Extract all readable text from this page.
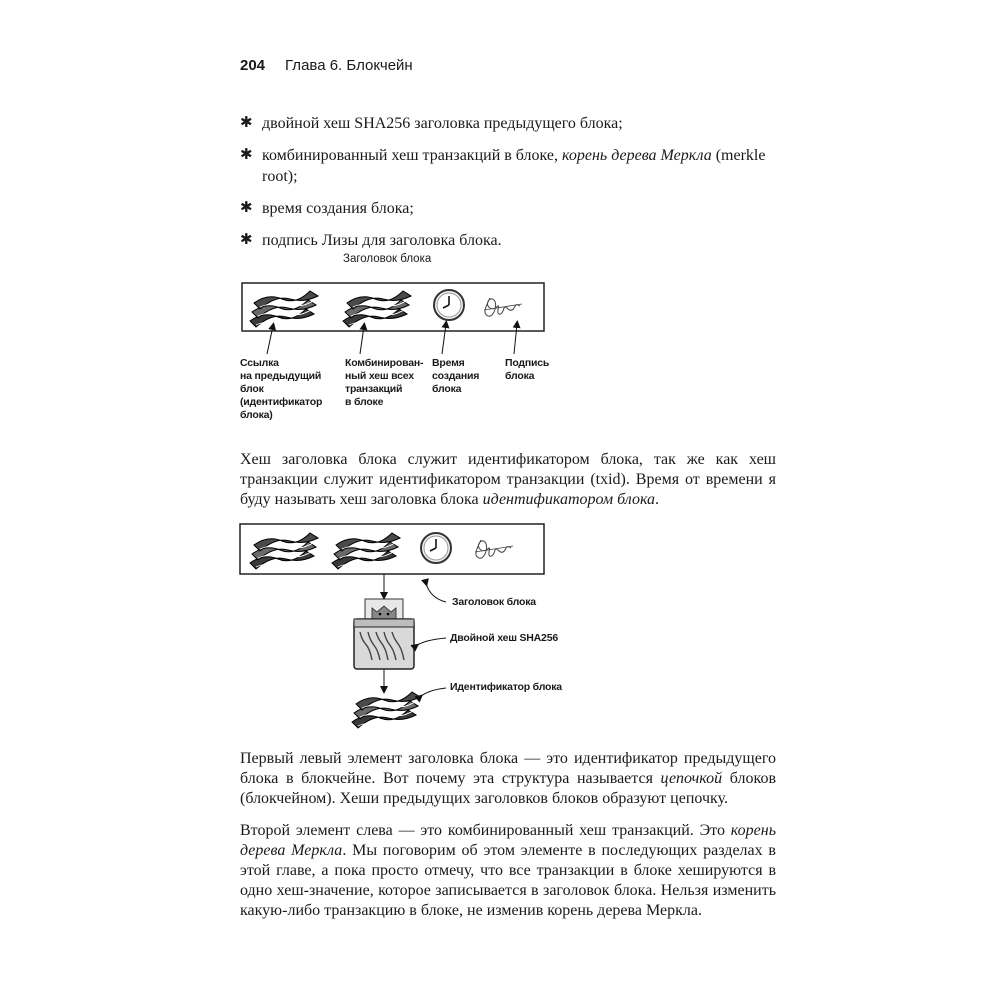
204 Глава 6. Блокчейн
✱ двойной хеш SHA256 заголовка предыдущего блока;
✱ комбинированный хеш транзакций в блоке, корень дерева Меркла (merkle root);
✱ время создания блока;
✱ подпись Лизы для заголовка блока.
Заголовок блока
Ссылка
на предыдущий
блок
(идентификатор
блока)
Комбинирован-
ный хеш всех
транзакций
в блоке
Время
создания
блока
Подпись
блока

Хеш заголовка блока служит идентификатором блока, так же как хеш транзакции служит идентификатором транзакции (txid). Время от времени я буду называть хеш заголовка блока идентификатором блока.

Заголовок блока
Двойной хеш SHA256
Идентификатор блока

Первый левый элемент заголовка блока — это идентификатор предыдущего блока в блокчейне. Вот почему эта структура называется цепочкой блоков (блокчейном). Хеши предыдущих заголовков блоков образуют цепочку.

Второй элемент слева — это комбинированный хеш транзакций. Это корень дерева Меркла. Мы поговорим об этом элементе в последующих разделах в этой главе, а пока просто отмечу, что все транзакции в блоке хешируются в одно хеш-значение, которое записывается в заголовок блока. Нельзя изменить какую-либо транзакцию в блоке, не изменив корень дерева Меркла.
